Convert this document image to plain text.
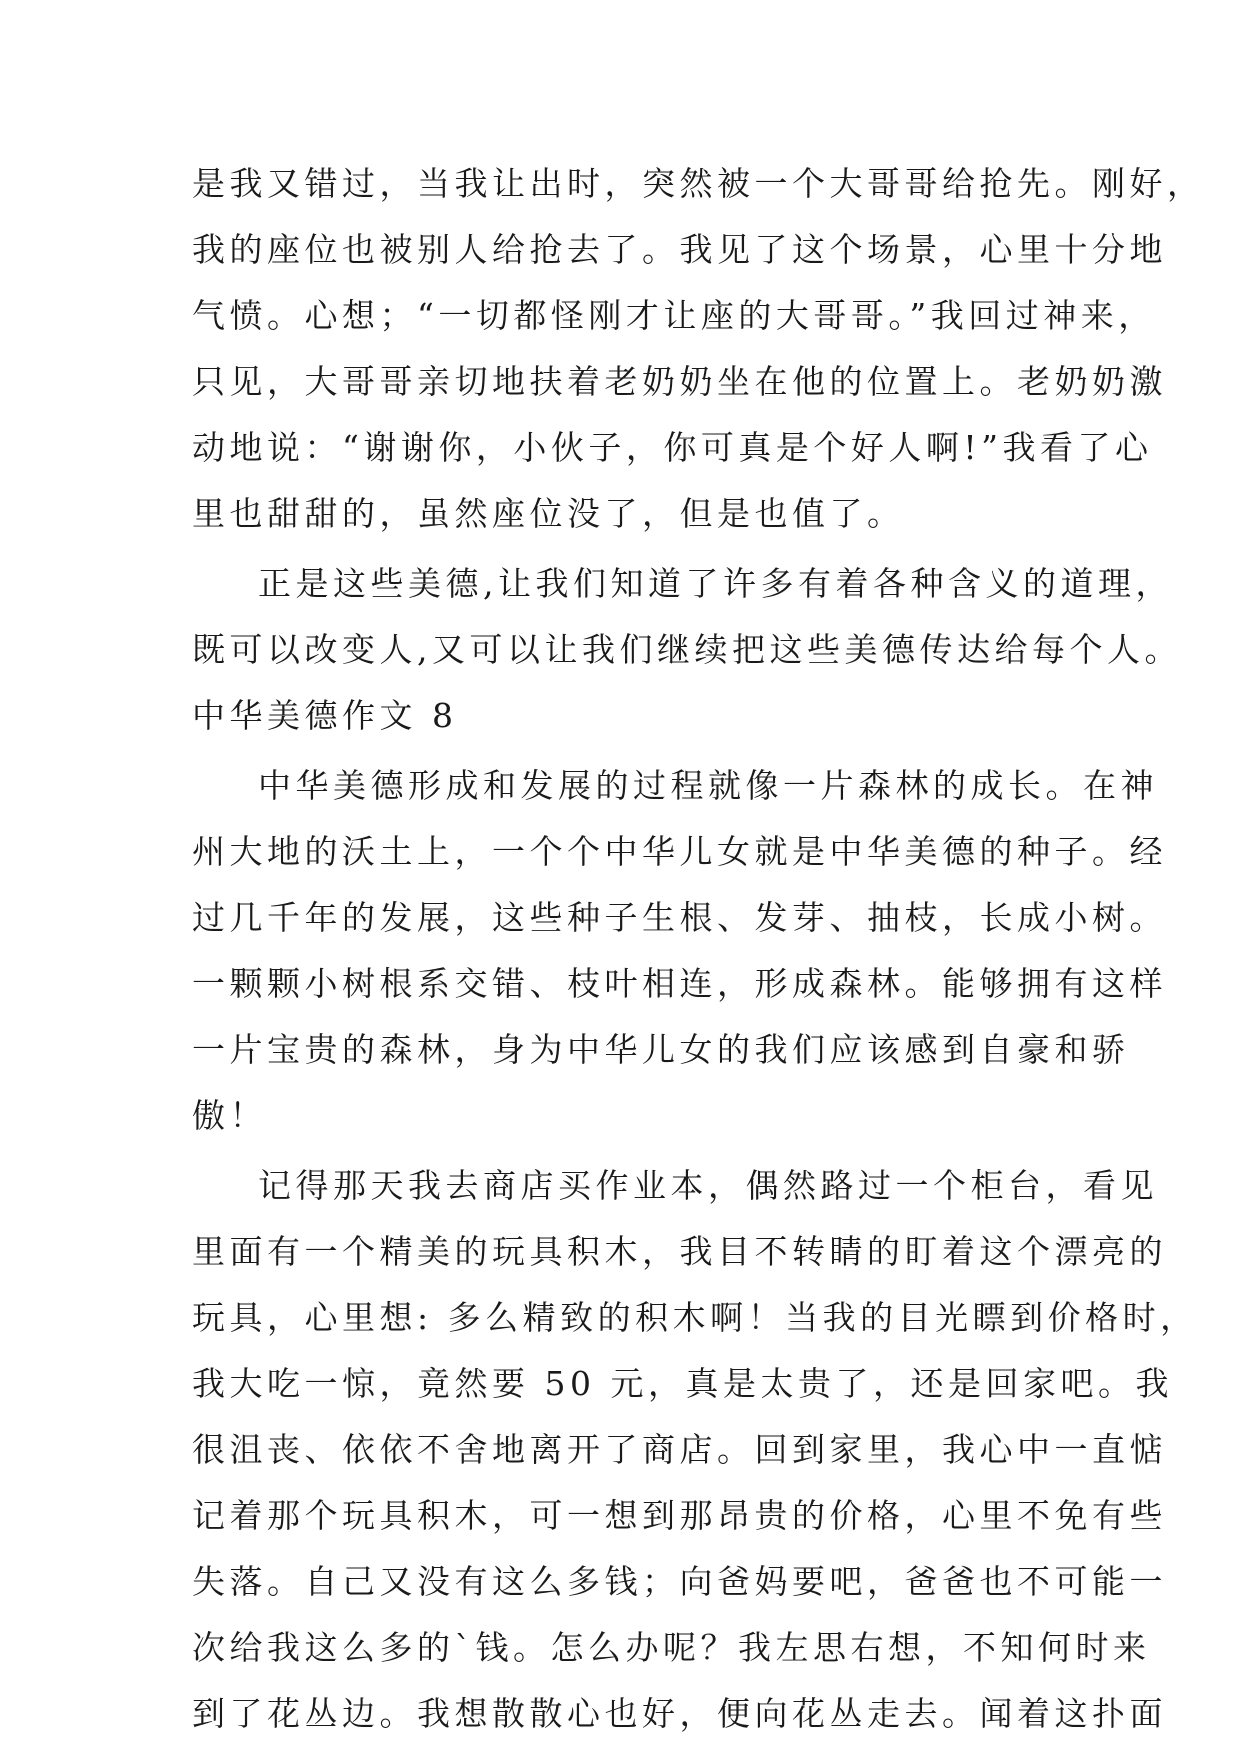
是我又错过，当我让出时，突然被一个大哥哥给抢先。刚好，
我的座位也被别人给抢去了。我见了这个场景，心里十分地
气愤。心想；“一切都怪刚才让座的大哥哥。”我回过神来，
只见，大哥哥亲切地扶着老奶奶坐在他的位置上。老奶奶激
动地说：“谢谢你，小伙子，你可真是个好人啊!”我看了心
里也甜甜的，虽然座位没了，但是也值了。
正是这些美德,让我们知道了许多有着各种含义的道理，
既可以改变人,又可以让我们继续把这些美德传达给每个人。
中华美德作文 8
中华美德形成和发展的过程就像一片森林的成长。在神
州大地的沃土上，一个个中华儿女就是中华美德的种子。经
过几千年的发展，这些种子生根、发芽、抽枝，长成小树。
一颗颗小树根系交错、枝叶相连，形成森林。能够拥有这样
一片宝贵的森林，身为中华儿女的我们应该感到自豪和骄
傲！
记得那天我去商店买作业本，偶然路过一个柜台，看见
里面有一个精美的玩具积木，我目不转睛的盯着这个漂亮的
玩具，心里想: 多么精致的积木啊！当我的目光瞟到价格时，
我大吃一惊，竟然要 50 元，真是太贵了，还是回家吧。我
很沮丧、依依不舍地离开了商店。回到家里，我心中一直惦
记着那个玩具积木，可一想到那昂贵的价格，心里不免有些
失落。自己又没有这么多钱；向爸妈要吧，爸爸也不可能一
次给我这么多的`钱。怎么办呢？我左思右想，不知何时来
到了花丛边。我想散散心也好，便向花丛走去。闻着这扑面
